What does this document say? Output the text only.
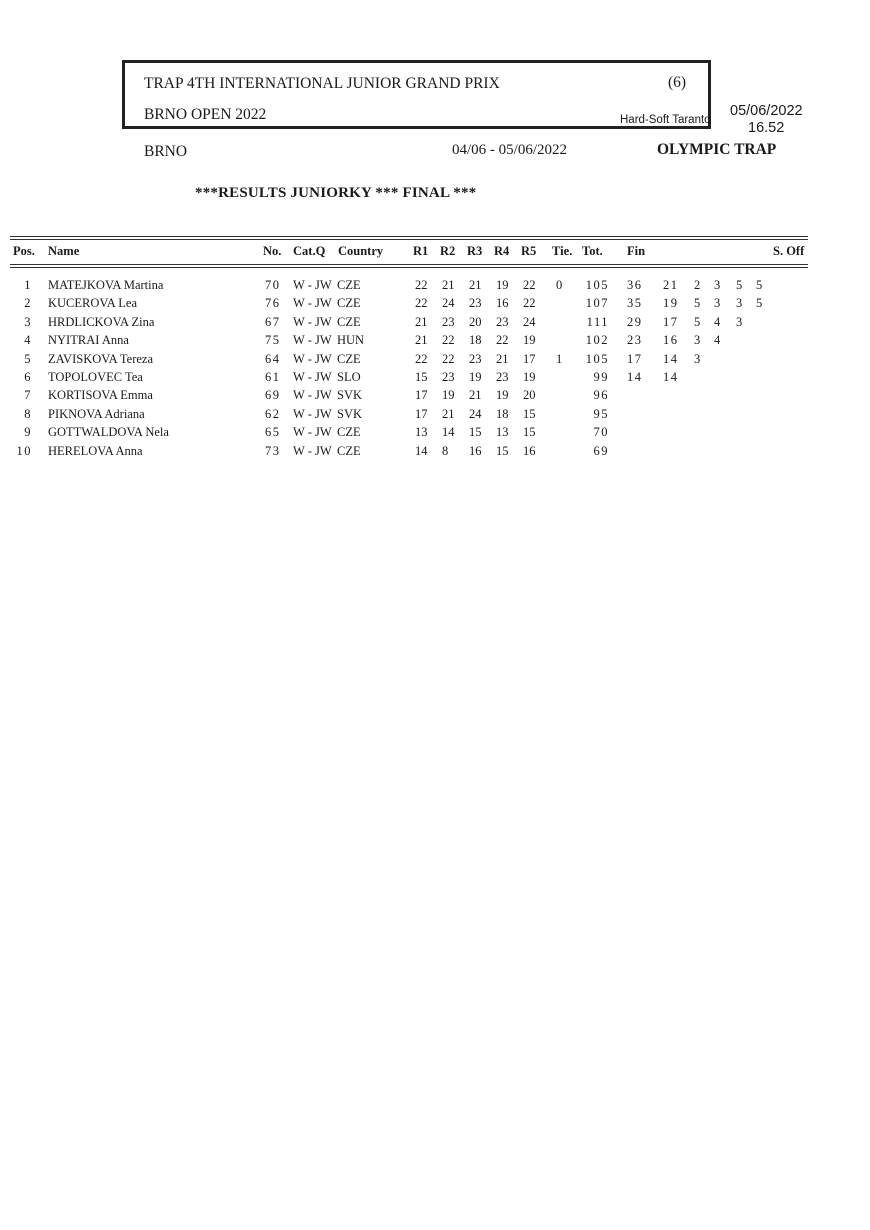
TRAP 4TH INTERNATIONAL JUNIOR GRAND PRIX	(6)
BRNO OPEN 2022	Hard-Soft Taranto
05/06/2022
16.52
BRNO	04/06 - 05/06/2022	OLYMPIC TRAP
***RESULTS JUNIORKY *** FINAL ***
Pos. Name	No. Cat.Q Country R1 R2 R3 R4 R5 Tie. Tot. Fin	S. Off
1 MATEJKOVA Martina	70 W - JW CZE	22 21 21 19 22 0 105 36 21 2 3 5 5
2 KUCEROVA Lea	76 W - JW CZE	22 24 23 16 22	107 35 19 5 3 3 5
3 HRDLICKOVA Zina	67 W - JW CZE	21 23 20 23 24	111 29 17 5 4 3
4 NYITRAI Anna	75 W - JW HUN	21 22 18 22 19	102 23 16 3 4
5 ZAVISKOVA Tereza	64 W - JW CZE	22 22 23 21 17 1 105 17 14 3
6 TOPOLOVEC Tea	61 W - JW SLO	15 23 19 23 19	99 14 14
7 KORTISOVA Emma	69 W - JW SVK	17 19 21 19 20	96
8 PIKNOVA Adriana	62 W - JW SVK	17 21 24 18 15	95
9 GOTTWALDOVA Nela	65 W - JW CZE	13 14 15 13 15	70
10 HERELOVA Anna	73 W - JW CZE	14 8 16 15 16	69
